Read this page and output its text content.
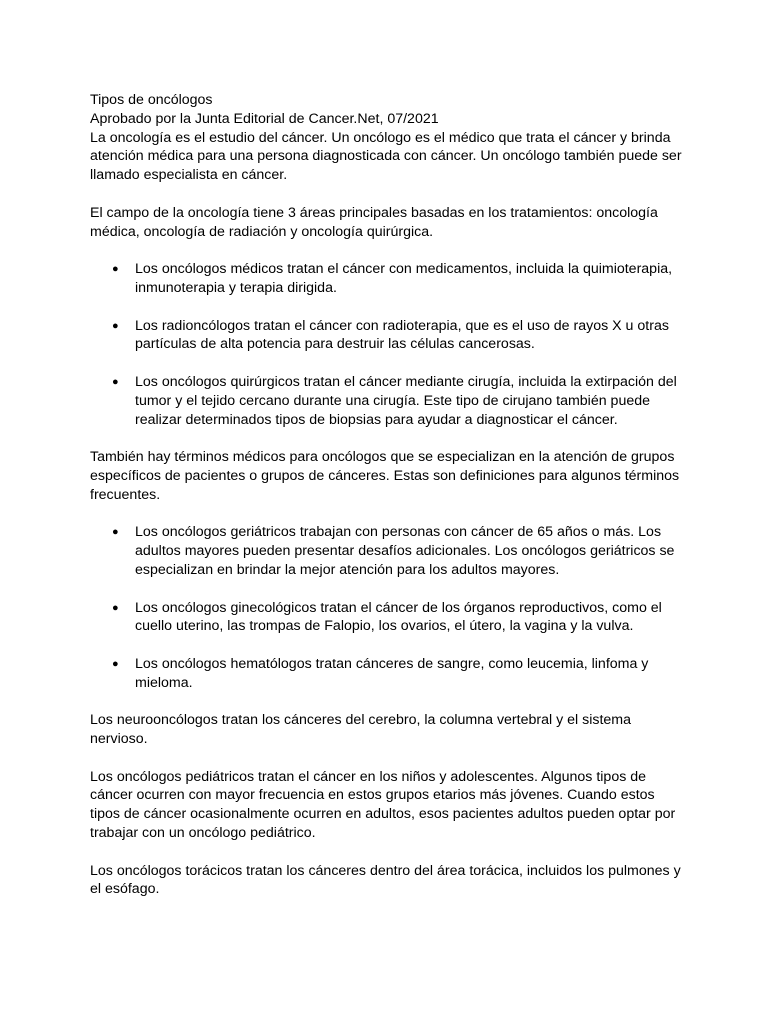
Tipos de oncólogos

Aprobado por la Junta Editorial de Cancer.Net, 07/2021

La oncología es el estudio del cáncer. Un oncólogo es el médico que trata el cáncer y brinda atención médica para una persona diagnosticada con cáncer. Un oncólogo también puede ser llamado especialista en cáncer.

El campo de la oncología tiene 3 áreas principales basadas en los tratamientos: oncología médica, oncología de radiación y oncología quirúrgica.

● Los oncólogos médicos tratan el cáncer con medicamentos, incluida la quimioterapia, inmunoterapia y terapia dirigida.
● Los radioncólogos tratan el cáncer con radioterapia, que es el uso de rayos X u otras partículas de alta potencia para destruir las células cancerosas.
● Los oncólogos quirúrgicos tratan el cáncer mediante cirugía, incluida la extirpación del tumor y el tejido cercano durante una cirugía. Este tipo de cirujano también puede realizar determinados tipos de biopsias para ayudar a diagnosticar el cáncer.

También hay términos médicos para oncólogos que se especializan en la atención de grupos específicos de pacientes o grupos de cánceres. Estas son definiciones para algunos términos frecuentes.

● Los oncólogos geriátricos trabajan con personas con cáncer de 65 años o más. Los adultos mayores pueden presentar desafíos adicionales. Los oncólogos geriátricos se especializan en brindar la mejor atención para los adultos mayores.
● Los oncólogos ginecológicos tratan el cáncer de los órganos reproductivos, como el cuello uterino, las trompas de Falopio, los ovarios, el útero, la vagina y la vulva.
● Los oncólogos hematólogos tratan cánceres de sangre, como leucemia, linfoma y mieloma.

Los neurooncólogos tratan los cánceres del cerebro, la columna vertebral y el sistema nervioso.

Los oncólogos pediátricos tratan el cáncer en los niños y adolescentes. Algunos tipos de cáncer ocurren con mayor frecuencia en estos grupos etarios más jóvenes. Cuando estos tipos de cáncer ocasionalmente ocurren en adultos, esos pacientes adultos pueden optar por trabajar con un oncólogo pediátrico.

Los oncólogos torácicos tratan los cánceres dentro del área torácica, incluidos los pulmones y el esófago.
